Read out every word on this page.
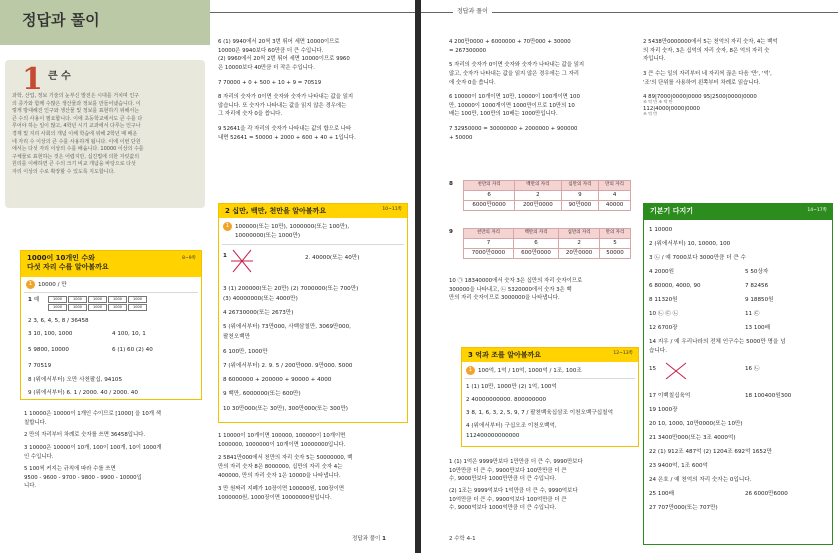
정답과 풀이
1 큰 수
과학, 산업, 정보 기술의 눈부신 발전은 시대를 거치며 인구
의 증가와 함께 수많은 생산물과 정보를 만들어냈습니다. 이
렇게 방대해진 인구와 생산물 및 정보를 표현하기 위해서는
큰 수의 사용이 필요합니다. 이에 초등학교에서도 큰 수를 다
루어야 하는 일이 많고, 4학년 시기 교과에서 다루는 인구나
경제 및 지리 사회의 개념 이해 학습에 위해 2학년 때 배운
네 자리 수 이상의 큰 수를 사용하게 됩니다. 이에 이번 단원
에서는 다섯 자리 이상의 수를 배웁니다. 10000 이상의 수를
구체물로 표현하는 것은 어렵지만, 십진법에 의한 자릿값의
원리를 이해하면 큰 수의 크기 비교 개념을 바탕으로 다섯
자리 이상의 수로 확장할 수 있도록 지도합니다.
1000이 10개인 수와
다섯 자리 수를 알아볼까요
8~9쪽
1 10000 / 만
1 예	1000	1000	1000	1000	1000
1000	1000	1000	1000	1000
2 3, 6, 4, 5, 8 / 36458
3 10, 100, 1000	4 100, 10, 1
5 9800, 10000	6 (1) 60 (2) 40
7 70519
8 (위에서부터) 오만 사천팔십, 94105
9 (위에서부터) 6. 1 / 2000. 40 / 2000. 40
1 10000은 10000이 1개인 수이므로 [1000] 을 10개 색
칠합니다.
2 만의 자리부터 차례로 숫자를 쓰면 36458입니다.
3 10000은 10000이 10개, 100이 100개, 10이 1000개
인 수입니다.
5 100씩 커지는 규칙에 따라 수를 쓰면
9500 - 9600 - 9700 - 9800 - 9900 - 10000입
니다.
6 (1) 9940에서 20씩 3번 뛰어 세면 10000이므로
10000은 9940보다 60만큼 더 큰 수입니다.
(2) 9960에서 20씩 2번 뛰어 세면 10000이므로 9960
은 10000보다 40만큼 더 작은 수입니다.
7 70000 + 0 + 500 + 10 + 9 = 70519
8 자리의 숫자가 0이면 숫자와 숫자가 나타내는 값을 읽지
않습니다. 또 숫자가 나타내는 값을 읽지 않은 경우에는
그 자리에 숫자 0을 씁니다.
9 52641을 각 자리의 숫자가 나타내는 값의 합으로 나타
내면 52641 = 50000 + 2000 + 600 + 40 + 1입니다.
2 십만, 백만, 천만을 알아볼까요	10~11쪽
1 100000(또는 10만), 1000000(또는 100만),
10000000(또는 1000만)
1	2. 40000(또는 40만)
3 (1) 200000(또는 20만) (2) 7000000(또는 700만)
(3) 40000000(또는 4000만)
4 26730000(또는 2673만)
5 (위에서부터) 73만000, 사백삼칠만, 3069만000,
팔천오백만
6 100만, 1000만
7 (위에서부터) 2. 9. 5 / 200만000. 9만000. 5000
8 6000000 + 200000 + 90000 + 4000
9 백만, 6000000(또는 600만)
10 30만000(또는 30만), 300만000(또는 300만)
1 10000이 10개이면 100000, 100000이 10개이면
1000000, 1000000이 10개이면 10000000입니다.
2 5841만000에서 천만의 자리 숫자 5는 50000000, 백
만의 자리 숫자 8은 8000000, 십만의 자리 숫자 4는
400000, 만의 자리 숫자 1은 10000을 나타냅니다.
3 만 원짜리 지폐가 10장이면 100000원, 100장이면
1000000원, 1000장이면 10000000원입니다.
정답과 풀이 1
정답과 풀이
4 200만0000 + 6000000 + 70만000 + 30000
= 267300000
5 자리의 숫자가 0이면 숫자와 숫자가 나타내는 값을 읽지
않고, 숫자가 나타내는 값을 읽지 않은 경우에는 그 자리
에 숫자 0을 씁니다.
6 10000이 10개이면 10만, 10000이 100개이면 100
만, 10000이 1000개이면 1000만이므로 10만의 10
배는 100만, 100만의 10배는 1000만입니다.
7 32950000 = 30000000 + 2000000 + 900000
+ 50000
8	천만의 자리	백만의 자리	십만의 자리	만의 자리
6	2	9	4
6000만0000	200만0000	90만000	40000
9	천만의 자리	백만의 자리	십만의 자리	만의 자리
7	6	2	5
7000만0000	600만0000	20만0000	50000
10 ㉠ 18340000에서 숫자 3은 십만의 자리 숫자이므로
300000을 나타내고, ㉡ 5320000에서 숫자 3은 백
만의 자리 숫자이므로 3000000을 나타냅니다.
3 억과 조를 알아볼까요	12~13쪽
1 100억, 1억 / 10억, 1000억 / 1조, 100조
1 (1) 10만, 1000만 (2) 1억, 100억
2 40000000000. 800000000
3 8, 1, 6, 3, 2, 5, 9, 7 / 팔천백육십삼조 이천오백구십칠억
4 (위에서부터) 구십오조 이천오백억,
112400000000000
1 (1) 1억은 9999만보다 1만만큼 더 큰 수, 9990만보다
10만만큼 더 큰 수, 9900만보다 100만만큼 더 큰
수, 9000만보다 1000만만큼 더 큰 수입니다.
(2) 1조는 9999억보다 1억만큼 더 큰 수, 9990억보다
10억만큼 더 큰 수, 9900억보다 100억만큼 더 큰
수, 9000억보다 1000억만큼 더 큰 수입니다.
2 수학 4-1
2 5438만0000000에서 5는 천억의 자리 숫자, 4는 백억
의 자리 숫자, 3은 십억의 자리 숫자, 8은 억의 자리 숫
자입니다.
3 큰 수는 일의 자리부터 네 자리씩 끊은 다음 '만', '억',
'조'의 단위를 사용하여 왼쪽부터 차례로 읽습니다.
4 89|7000|0000|0000 95|2500|0000|0000
조 억 만 조 억 만
112|4000|0000|0000
조 억 만
기본기 다지기	14~17쪽
1 10000
2 (위에서부터) 10, 10000, 100
3 ㉡ / 예 7000보다 3000만큼 더 큰 수
4 2000원	5 50상자
6 80000, 4000, 90	7 82456
8 11320원	9 18850원
10 ㉡ ㉢ ㉡	11 ㉢
12 6700장	13 100배
14 지우 / 예 우리나라의 전체 인구수는 5000만 명을 넘
습니다.
15	16 ㉡
17 이백칠십육억	18 100400원300
19 1000장
20 10, 1000, 10만0000(또는 10만)
21 3400만000(또는 3조 4000억)
22 (1) 912조 487억 (2) 1204조 692억 1652만
23 9400억, 1조 600억
24 은호 / 예 천억의 자리 숫자는 0입니다.
25 100배	26 6000만6000
27 707만000(또는 707만)
